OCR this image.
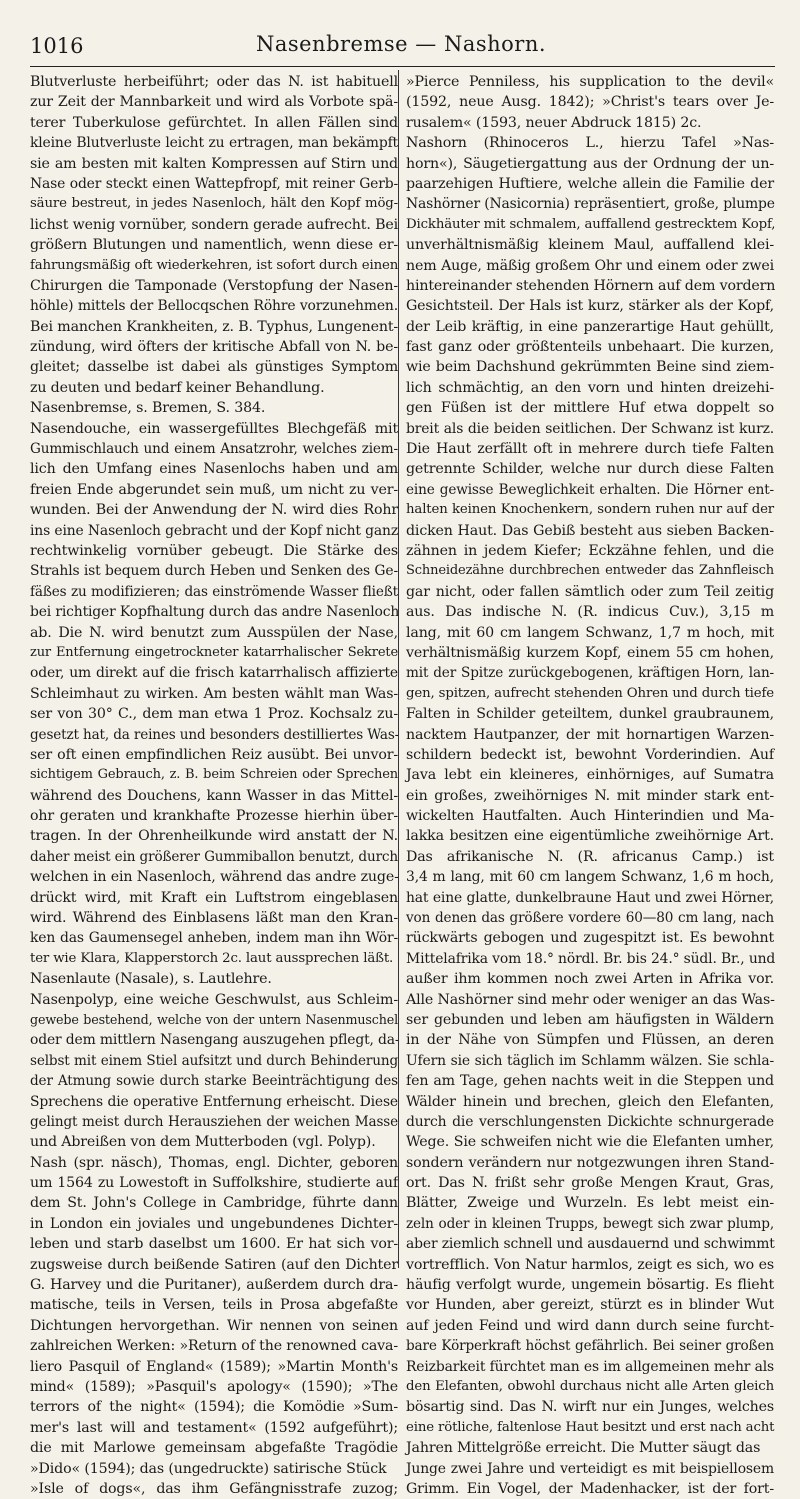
1016	Nasenbremse — Nashorn.
Blutverluste herbeiführt; oder das N. ist habituell
zur Zeit der Mannbarkeit und wird als Vorbote spä-
terer Tuberkulose gefürchtet. In allen Fällen sind
kleine Blutverluste leicht zu ertragen, man bekämpft
sie am besten mit kalten Kompressen auf Stirn und
Nase oder steckt einen Wattepfropf, mit reiner Gerb-
säure bestreut, in jedes Nasenloch, hält den Kopf mög-
lichst wenig vornüber, sondern gerade aufrecht. Bei
größern Blutungen und namentlich, wenn diese er-
fahrungsmäßig oft wiederkehren, ist sofort durch einen
Chirurgen die Tamponade (Verstopfung der Nasen-
höhle) mittels der Bellocqschen Röhre vorzunehmen.
Bei manchen Krankheiten, z. B. Typhus, Lungenent-
zündung, wird öfters der kritische Abfall von N. be-
gleitet; dasselbe ist dabei als günstiges Symptom
zu deuten und bedarf keiner Behandlung.
Nasenbremse, s. Bremen, S. 384.
Nasendouche, ein wassergefülltes Blechgefäß mit
Gummischlauch und einem Ansatzrohr, welches ziem-
lich den Umfang eines Nasenlochs haben und am
freien Ende abgerundet sein muß, um nicht zu ver-
wunden. Bei der Anwendung der N. wird dies Rohr
ins eine Nasenloch gebracht und der Kopf nicht ganz
rechtwinkelig vornüber gebeugt. Die Stärke des
Strahls ist bequem durch Heben und Senken des Ge-
fäßes zu modifizieren; das einströmende Wasser fließt
bei richtiger Kopfhaltung durch das andre Nasenloch
ab. Die N. wird benutzt zum Ausspülen der Nase,
zur Entfernung eingetrockneter katarrhalischer Sekrete
oder, um direkt auf die frisch katarrhalisch affizierte
Schleimhaut zu wirken. Am besten wählt man Was-
ser von 30° C., dem man etwa 1 Proz. Kochsalz zu-
gesetzt hat, da reines und besonders destilliertes Was-
ser oft einen empfindlichen Reiz ausübt. Bei unvor-
sichtigem Gebrauch, z. B. beim Schreien oder Sprechen
während des Douchens, kann Wasser in das Mittel-
ohr geraten und krankhafte Prozesse hierhin über-
tragen. In der Ohrenheilkunde wird anstatt der N.
daher meist ein größerer Gummiballon benutzt, durch
welchen in ein Nasenloch, während das andre zuge-
drückt wird, mit Kraft ein Luftstrom eingeblasen
wird. Während des Einblasens läßt man den Kran-
ken das Gaumensegel anheben, indem man ihn Wör-
ter wie Klara, Klapperstorch 2c. laut aussprechen läßt.
Nasenlaute (Nasale), s. Lautlehre.
Nasenpolyp, eine weiche Geschwulst, aus Schleim-
gewebe bestehend, welche von der untern Nasenmuschel
oder dem mittlern Nasengang auszugehen pflegt, da-
selbst mit einem Stiel aufsitzt und durch Behinderung
der Atmung sowie durch starke Beeinträchtigung des
Sprechens die operative Entfernung erheischt. Diese
gelingt meist durch Herausziehen der weichen Masse
und Abreißen von dem Mutterboden (vgl. Polyp).
Nash (spr. näsch), Thomas, engl. Dichter, geboren
um 1564 zu Lowestoft in Suffolkshire, studierte auf
dem St. John's College in Cambridge, führte dann
in London ein joviales und ungebundenes Dichter-
leben und starb daselbst um 1600. Er hat sich vor-
zugsweise durch beißende Satiren (auf den Dichter
G. Harvey und die Puritaner), außerdem durch dra-
matische, teils in Versen, teils in Prosa abgefaßte
Dichtungen hervorgethan. Wir nennen von seinen
zahlreichen Werken: »Return of the renowned cava-
liero Pasquil of England« (1589); »Martin Month's
mind« (1589); »Pasquil's apology« (1590); »The
terrors of the night« (1594); die Komödie »Sum-
mer's last will and testament« (1592 aufgeführt);
die mit Marlowe gemeinsam abgefaßte Tragödie
»Dido« (1594); das (ungedruckte) satirische Stück
»Isle of dogs«, das ihm Gefängnisstrafe zuzog;
»Pierce Penniless, his supplication to the devil«
(1592, neue Ausg. 1842); »Christ's tears over Je-
rusalem« (1593, neuer Abdruck 1815) 2c.
Nashorn (Rhinoceros L., hierzu Tafel »Nas-
horn«), Säugetiergattung aus der Ordnung der un-
paarzehigen Huftiere, welche allein die Familie der
Nashörner (Nasicornia) repräsentiert, große, plumpe
Dickhäuter mit schmalem, auffallend gestrecktem Kopf,
unverhältnismäßig kleinem Maul, auffallend klei-
nem Auge, mäßig großem Ohr und einem oder zwei
hintereinander stehenden Hörnern auf dem vordern
Gesichtsteil. Der Hals ist kurz, stärker als der Kopf,
der Leib kräftig, in eine panzerartige Haut gehüllt,
fast ganz oder größtenteils unbehaart. Die kurzen,
wie beim Dachshund gekrümmten Beine sind ziem-
lich schmächtig, an den vorn und hinten dreizehi-
gen Füßen ist der mittlere Huf etwa doppelt so
breit als die beiden seitlichen. Der Schwanz ist kurz.
Die Haut zerfällt oft in mehrere durch tiefe Falten
getrennte Schilder, welche nur durch diese Falten
eine gewisse Beweglichkeit erhalten. Die Hörner ent-
halten keinen Knochenkern, sondern ruhen nur auf der
dicken Haut. Das Gebiß besteht aus sieben Backen-
zähnen in jedem Kiefer; Eckzähne fehlen, und die
Schneidezähne durchbrechen entweder das Zahnfleisch
gar nicht, oder fallen sämtlich oder zum Teil zeitig
aus. Das indische N. (R. indicus Cuv.), 3,15 m
lang, mit 60 cm langem Schwanz, 1,7 m hoch, mit
verhältnismäßig kurzem Kopf, einem 55 cm hohen,
mit der Spitze zurückgebogenen, kräftigen Horn, lan-
gen, spitzen, aufrecht stehenden Ohren und durch tiefe
Falten in Schilder geteiltem, dunkel graubraunem,
nacktem Hautpanzer, der mit hornartigen Warzen-
schildern bedeckt ist, bewohnt Vorderindien. Auf
Java lebt ein kleineres, einhörniges, auf Sumatra
ein großes, zweihörniges N. mit minder stark ent-
wickelten Hautfalten. Auch Hinterindien und Ma-
lakka besitzen eine eigentümliche zweihörnige Art.
Das afrikanische N. (R. africanus Camp.) ist
3,4 m lang, mit 60 cm langem Schwanz, 1,6 m hoch,
hat eine glatte, dunkelbraune Haut und zwei Hörner,
von denen das größere vordere 60—80 cm lang, nach
rückwärts gebogen und zugespitzt ist. Es bewohnt
Mittelafrika vom 18.° nördl. Br. bis 24.° südl. Br., und
außer ihm kommen noch zwei Arten in Afrika vor.
Alle Nashörner sind mehr oder weniger an das Was-
ser gebunden und leben am häufigsten in Wäldern
in der Nähe von Sümpfen und Flüssen, an deren
Ufern sie sich täglich im Schlamm wälzen. Sie schla-
fen am Tage, gehen nachts weit in die Steppen und
Wälder hinein und brechen, gleich den Elefanten,
durch die verschlungensten Dickichte schnurgerade
Wege. Sie schweifen nicht wie die Elefanten umher,
sondern verändern nur notgezwungen ihren Stand-
ort. Das N. frißt sehr große Mengen Kraut, Gras,
Blätter, Zweige und Wurzeln. Es lebt meist ein-
zeln oder in kleinen Trupps, bewegt sich zwar plump,
aber ziemlich schnell und ausdauernd und schwimmt
vortrefflich. Von Natur harmlos, zeigt es sich, wo es
häufig verfolgt wurde, ungemein bösartig. Es flieht
vor Hunden, aber gereizt, stürzt es in blinder Wut
auf jeden Feind und wird dann durch seine furcht-
bare Körperkraft höchst gefährlich. Bei seiner großen
Reizbarkeit fürchtet man es im allgemeinen mehr als
den Elefanten, obwohl durchaus nicht alle Arten gleich
bösartig sind. Das N. wirft nur ein Junges, welches
eine rötliche, faltenlose Haut besitzt und erst nach acht
Jahren Mittelgröße erreicht. Die Mutter säugt das
Junge zwei Jahre und verteidigt es mit beispiellosem
Grimm. Ein Vogel, der Madenhacker, ist der fort-
